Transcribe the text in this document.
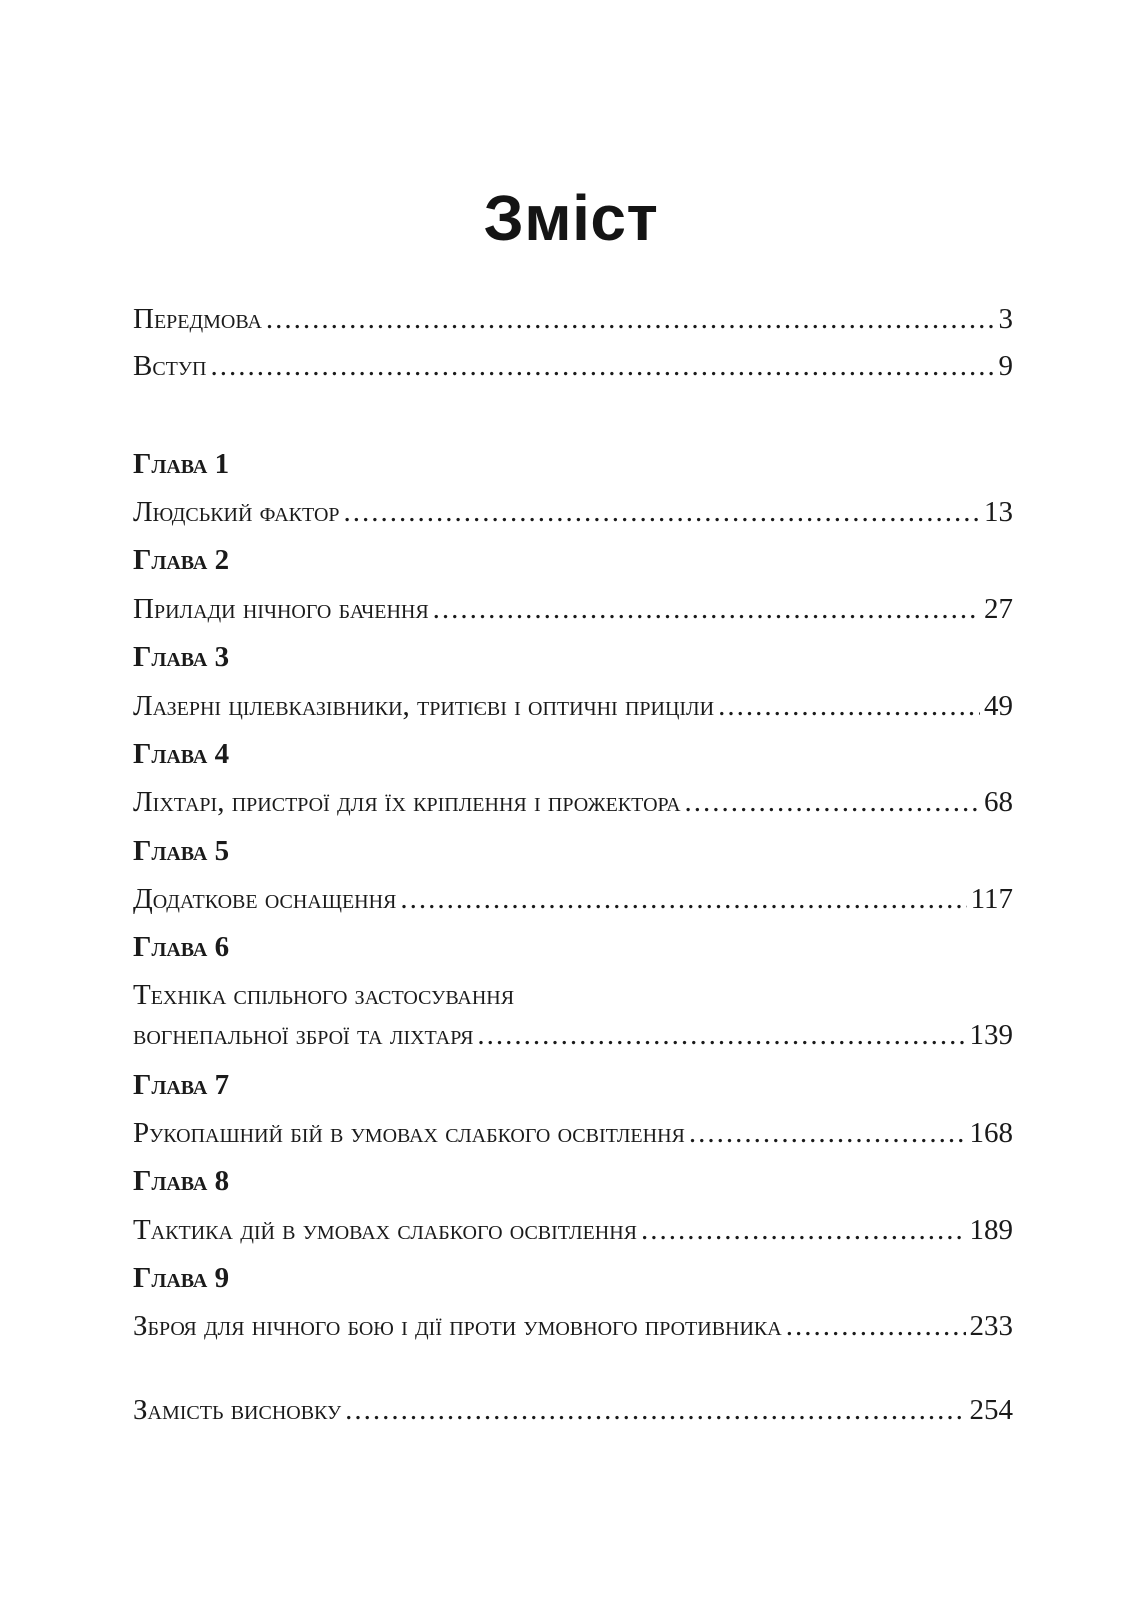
Зміст
Передмова .....	3
Вступ .....	9
Глава 1
Людський фактор .....	13
Глава 2
Прилади нічного бачення .....	27
Глава 3
Лазерні цілевказівники, тритієві і оптичні приціли .....	49
Глава 4
Ліхтарі, пристрої для їх кріплення і прожектора .....	68
Глава 5
Додаткове оснащення .....	117
Глава 6
Техніка спільного застосування
вогнепальної зброї та ліхтаря .....	139
Глава 7
Рукопашний бій в умовах слабкого освітлення .....	168
Глава 8
Тактика дій в умовах слабкого освітлення .....	189
Глава 9
Зброя для нічного бою і дії проти умовного противника .....	233
Замість висновку .....	254
